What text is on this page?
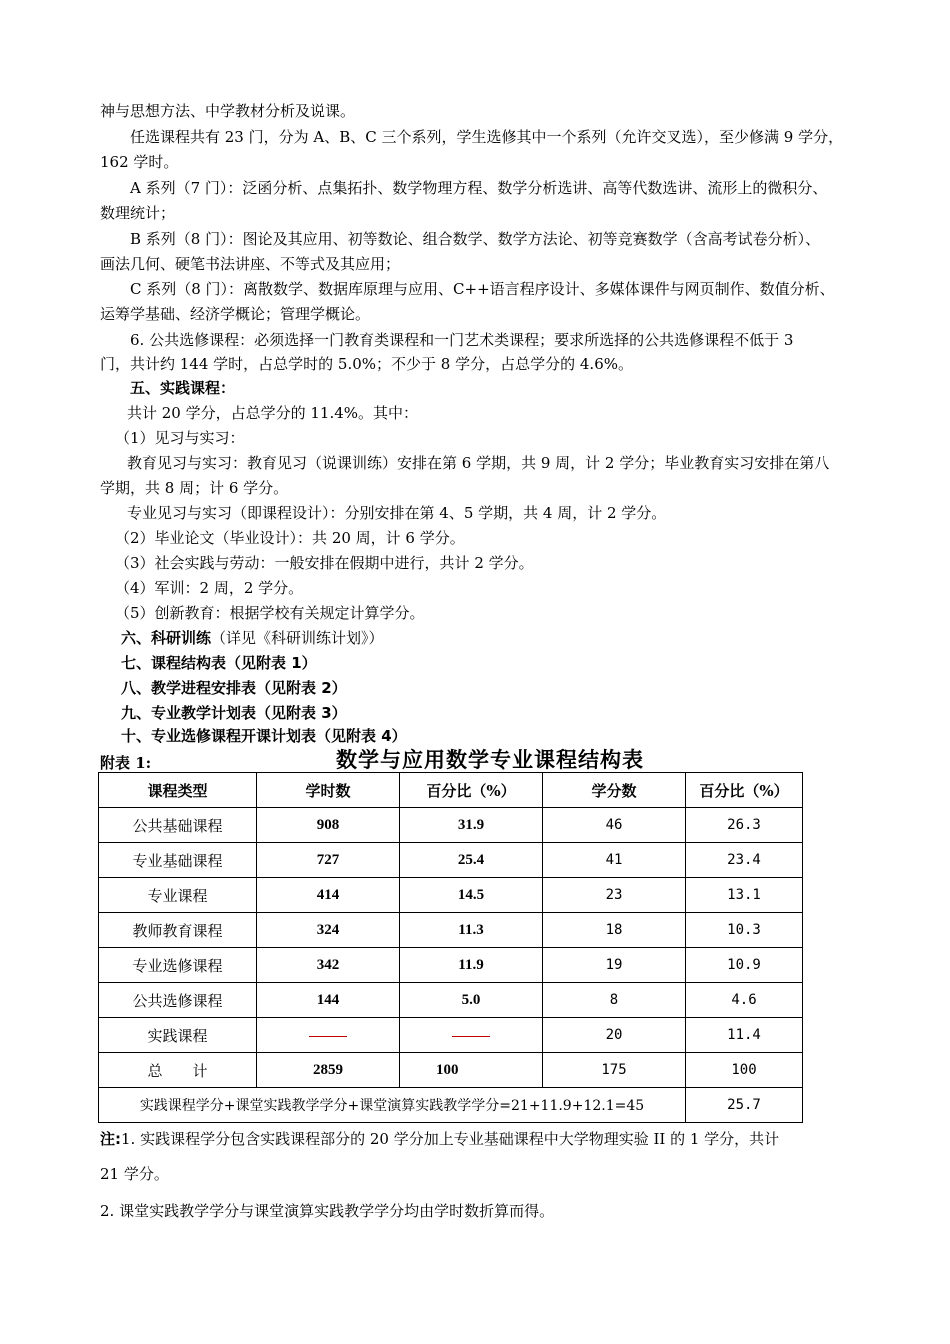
神与思想方法、中学教材分析及说课。
任选课程共有 23 门，分为 A、B、C 三个系列，学生选修其中一个系列（允许交叉选），至少修满 9 学分，
162 学时。
A 系列（7 门）：泛函分析、点集拓扑、数学物理方程、数学分析选讲、高等代数选讲、流形上的微积分、
数理统计；
B 系列（8 门）：图论及其应用、初等数论、组合数学、数学方法论、初等竞赛数学（含高考试卷分析）、
画法几何、硬笔书法讲座、不等式及其应用；
C 系列（8 门）：离散数学、数据库原理与应用、C++语言程序设计、多媒体课件与网页制作、数值分析、
运筹学基础、经济学概论；管理学概论。
6. 公共选修课程：必须选择一门教育类课程和一门艺术类课程；要求所选择的公共选修课程不低于 3
门，共计约 144 学时，占总学时的 5.0%；不少于 8 学分，占总学分的 4.6%。
五、实践课程：
共计 20 学分，占总学分的 11.4%。其中：
（1）见习与实习：
教育见习与实习：教育见习（说课训练）安排在第 6 学期，共 9 周，计 2 学分；毕业教育实习安排在第八
学期，共 8 周；计 6 学分。
专业见习与实习（即课程设计）：分别安排在第 4、5 学期，共 4 周，计 2 学分。
（2）毕业论文（毕业设计）：共 20 周，计 6 学分。
（3）社会实践与劳动：一般安排在假期中进行，共计 2 学分。
（4）军训：2 周，2 学分。
（5）创新教育：根据学校有关规定计算学分。
六、科研训练（详见《科研训练计划》）
七、课程结构表（见附表 1）
八、教学进程安排表（见附表 2）
九、专业教学计划表（见附表 3）
十、专业选修课程开课计划表（见附表 4）
附表 1:	数学与应用数学专业课程结构表
课程类型	学时数	百分比（%）	学分数	百分比（%）
公共基础课程	908	31.9	46	26.3
专业基础课程	727	25.4	41	23.4
专业课程	414	14.5	23	13.1
教师教育课程	324	11.3	18	10.3
专业选修课程	342	11.9	19	10.9
公共选修课程	144	5.0	8	4.6
实践课程			20	11.4
总　　计	2859	100	175	100
实践课程学分+课堂实践教学学分+课堂演算实践教学学分=21+11.9+12.1=45				25.7
注:1. 实践课程学分包含实践课程部分的 20 学分加上专业基础课程中大学物理实验 II 的 1 学分，共计
21 学分。
2. 课堂实践教学学分与课堂演算实践教学学分均由学时数折算而得。
